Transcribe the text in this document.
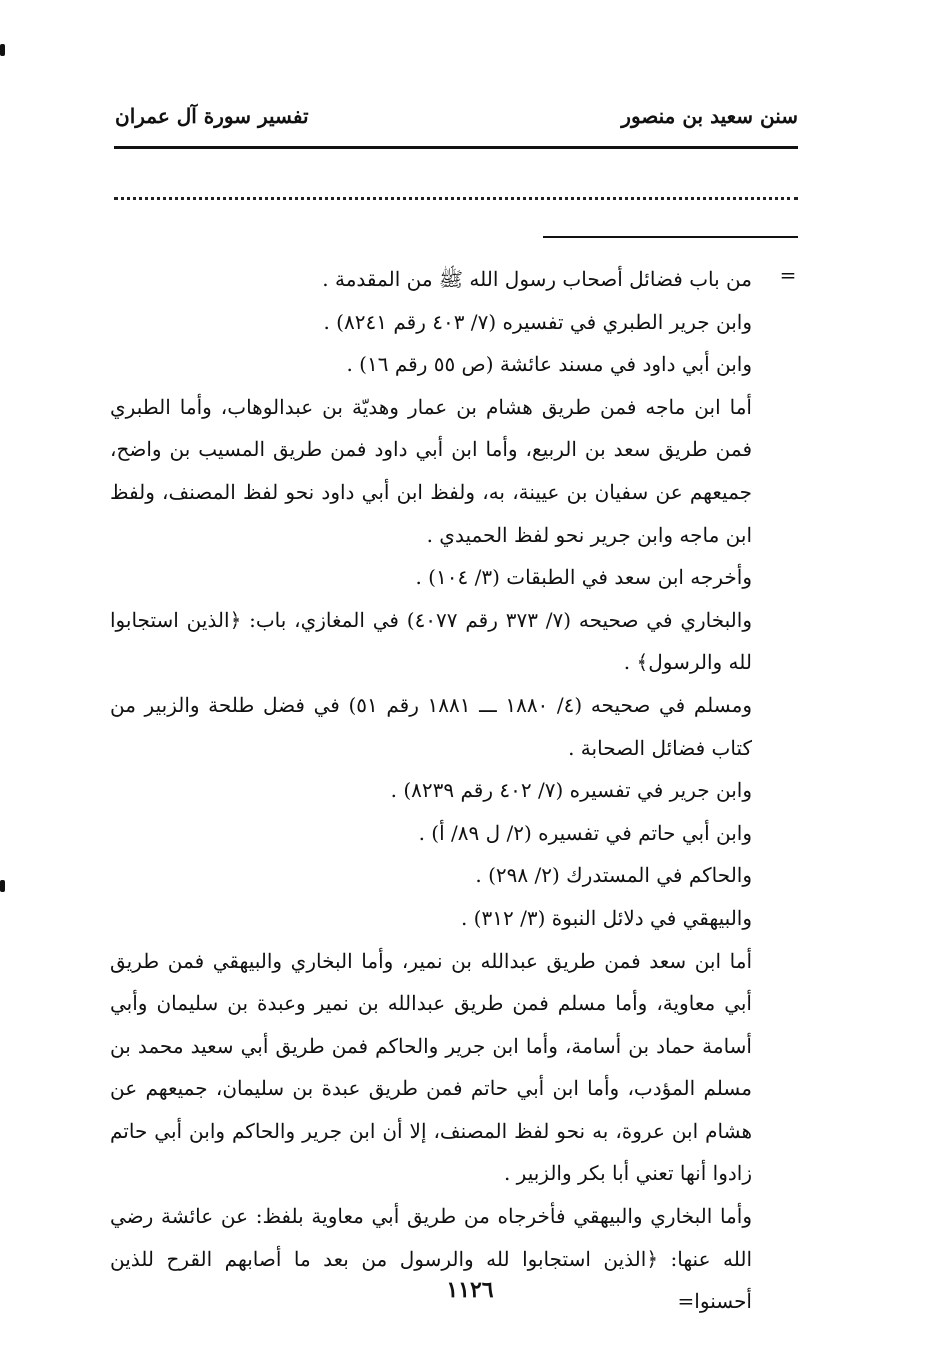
سنن سعيد بن منصور
تفسير سورة آل عمران
=

من باب فضائل أصحاب رسول الله ﷺ من المقدمة .

وابن جرير الطبري في تفسيره (٧/ ٤٠٣ رقم ٨٢٤١) .

وابن أبي داود في مسند عائشة (ص ٥٥ رقم ١٦) .

أما ابن ماجه فمن طريق هشام بن عمار وهديّة بن عبدالوهاب، وأما الطبري فمن طريق سعد بن الربيع، وأما ابن أبي داود فمن طريق المسيب بن واضح، جميعهم عن سفيان بن عيينة، به، ولفظ ابن أبي داود نحو لفظ المصنف، ولفظ ابن ماجه وابن جرير نحو لفظ الحميدي .

وأخرجه ابن سعد في الطبقات (٣/ ١٠٤) .

والبخاري في صحيحه (٧/ ٣٧٣ رقم ٤٠٧٧) في المغازي، باب: ﴿الذين استجابوا لله والرسول﴾ .

ومسلم في صحيحه (٤/ ١٨٨٠ ـــ ١٨٨١ رقم ٥١) في فضل طلحة والزبير من كتاب فضائل الصحابة .

وابن جرير في تفسيره (٧/ ٤٠٢ رقم ٨٢٣٩) .

وابن أبي حاتم في تفسيره (٢/ ل ٨٩/ أ) .

والحاكم في المستدرك (٢/ ٢٩٨) .

والبيهقي في دلائل النبوة (٣/ ٣١٢) .

أما ابن سعد فمن طريق عبدالله بن نمير، وأما البخاري والبيهقي فمن طريق أبي معاوية، وأما مسلم فمن طريق عبدالله بن نمير وعبدة بن سليمان وأبي أسامة حماد بن أسامة، وأما ابن جرير والحاكم فمن طريق أبي سعيد محمد بن مسلم المؤدب، وأما ابن أبي حاتم فمن طريق عبدة بن سليمان، جميعهم عن هشام ابن عروة، به نحو لفظ المصنف، إلا أن ابن جرير والحاكم وابن أبي حاتم زادوا أنها تعني أبا بكر والزبير .

وأما البخاري والبيهقي فأخرجاه من طريق أبي معاوية بلفظ: عن عائشة رضي الله عنها: ﴿الذين استجابوا لله والرسول من بعد ما أصابهم القرح للذين أحسنوا=

١١٢٦
